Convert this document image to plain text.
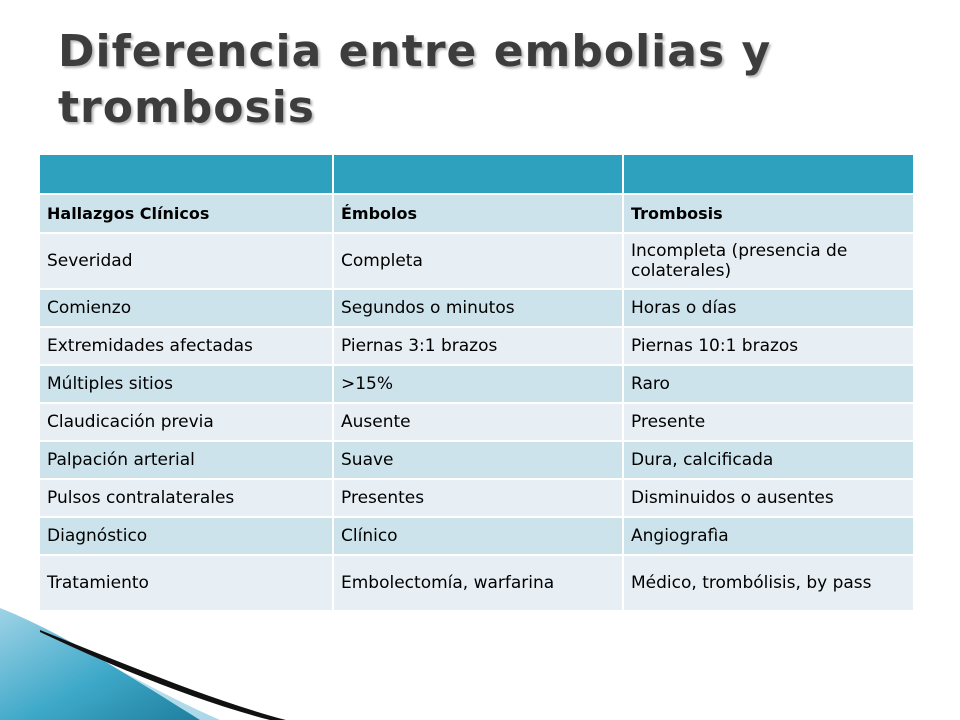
Diferencia entre embolias y
trombosis

Hallazgos Clínicos	Émbolos	Trombosis
Severidad	Completa	Incompleta (presencia de colaterales)
Comienzo	Segundos o minutos	Horas o días
Extremidades afectadas	Piernas 3:1 brazos	Piernas 10:1 brazos
Múltiples sitios	>15%	Raro
Claudicación previa	Ausente	Presente
Palpación arterial	Suave	Dura, calcificada
Pulsos contralaterales	Presentes	Disminuidos o ausentes
Diagnóstico	Clínico	Angiografìa
Tratamiento	Embolectomía, warfarina	Médico, trombólisis, by pass
